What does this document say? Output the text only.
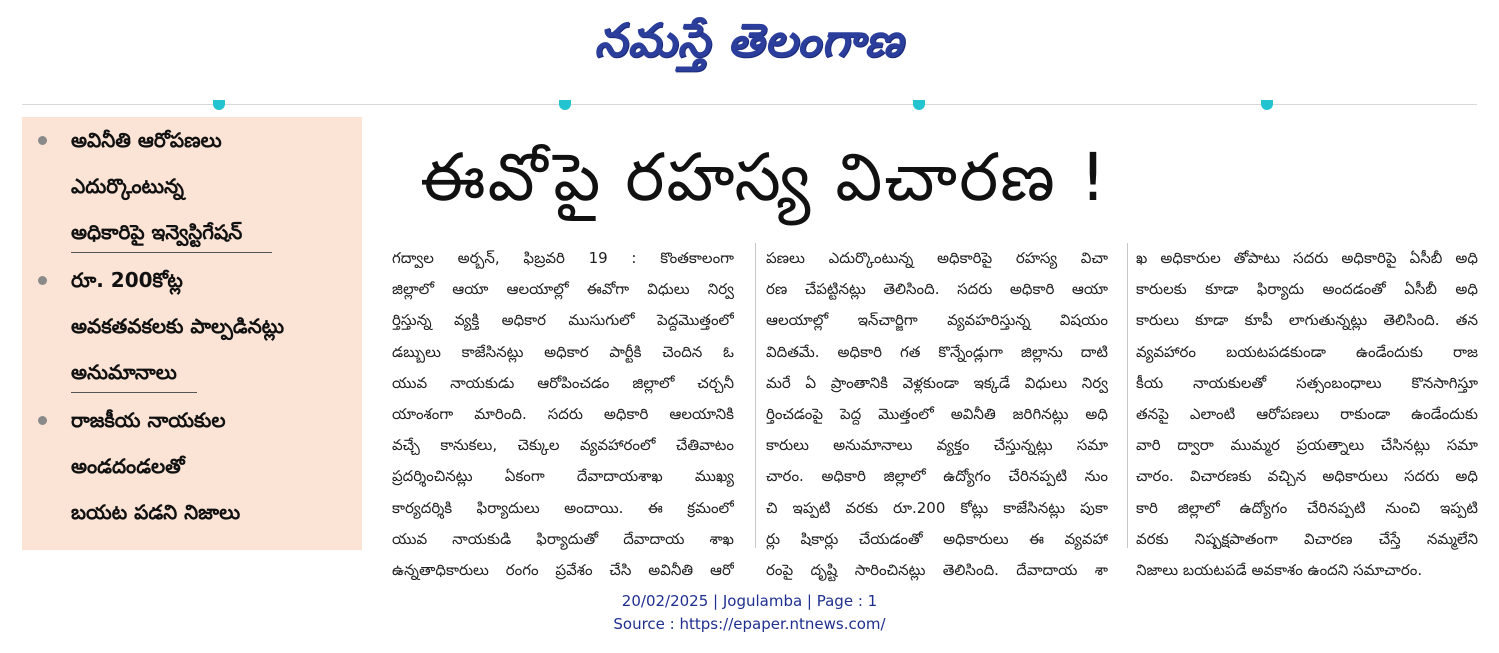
నమస్తే తెలంగాణ
అవినీతి ఆరోపణలు
ఎదుర్కొంటున్న
అధికారిపై ఇన్వెస్టిగేషన్
రూ. 200కోట్ల
అవకతవకలకు పాల్పడినట్లు
అనుమానాలు
రాజకీయ నాయకుల
అండదండలతో
బయట పడని నిజాలు
ఈవోపై రహస్య విచారణ !
గద్వాల అర్బన్, ఫిబ్రవరి 19 : కొంతకాలంగా
జిల్లాలో ఆయా ఆలయాల్లో ఈవోగా విధులు నిర్వ
ర్తిస్తున్న వ్యక్తి అధికార ముసుగులో పెద్దమొత్తంలో
డబ్బులు కాజేసినట్లు అధికార పార్టీకి చెందిన ఓ
యువ నాయకుడు ఆరోపించడం జిల్లాలో చర్చనీ
యాంశంగా మారింది. సదరు అధికారి ఆలయానికి
వచ్చే కానుకలు, చెక్కుల వ్యవహారంలో చేతివాటం
ప్రదర్శించినట్లు ఏకంగా దేవాదాయశాఖ ముఖ్య
కార్యదర్శికి ఫిర్యాదులు అందాయి. ఈ క్రమంలో
యువ నాయకుడి ఫిర్యాదుతో దేవాదాయ శాఖ
ఉన్నతాధికారులు రంగం ప్రవేశం చేసి అవినీతి ఆరో
పణలు ఎదుర్కొంటున్న అధికారిపై రహస్య విచా
రణ చేపట్టినట్లు తెలిసింది. సదరు అధికారి ఆయా
ఆలయాల్లో ఇన్‌చార్జిగా వ్యవహరిస్తున్న విషయం
విదితమే. అధికారి గత కొన్నేండ్లుగా జిల్లాను దాటి
మరే ఏ ప్రాంతానికి వెళ్లకుండా ఇక్కడే విధులు నిర్వ
ర్తించడంపై పెద్ద మొత్తంలో అవినీతి జరిగినట్లు అధి
కారులు అనుమానాలు వ్యక్తం చేస్తున్నట్లు సమా
చారం. అధికారి జిల్లాలో ఉద్యోగం చేరినప్పటి నుం
చి ఇప్పటి వరకు రూ.200 కోట్లు కాజేసినట్లు పుకా
ర్లు షికార్లు చేయడంతో అధికారులు ఈ వ్యవహా
రంపై దృష్టి సారించినట్లు తెలిసింది. దేవాదాయ శా
ఖ అధికారుల తోపాటు సదరు అధికారిపై ఏసీబీ అధి
కారులకు కూడా ఫిర్యాదు అందడంతో ఏసీబీ అధి
కారులు కూడా కూపీ లాగుతున్నట్లు తెలిసింది. తన
వ్యవహారం బయటపడకుండా ఉండేందుకు రాజ
కీయ నాయకులతో సత్సంబంధాలు కొనసాగిస్తూ
తనపై ఎలాంటి ఆరోపణలు రాకుండా ఉండేందుకు
వారి ద్వారా ముమ్మర ప్రయత్నాలు చేసినట్లు సమా
చారం. విచారణకు వచ్చిన అధికారులు సదరు అధి
కారి జిల్లాలో ఉద్యోగం చేరినప్పటి నుంచి ఇప్పటి
వరకు నిష్పక్షపాతంగా విచారణ చేస్తే నమ్మలేని
నిజాలు బయటపడే అవకాశం ఉందని సమాచారం.
20/02/2025 | Jogulamba | Page : 1
Source : https://epaper.ntnews.com/
